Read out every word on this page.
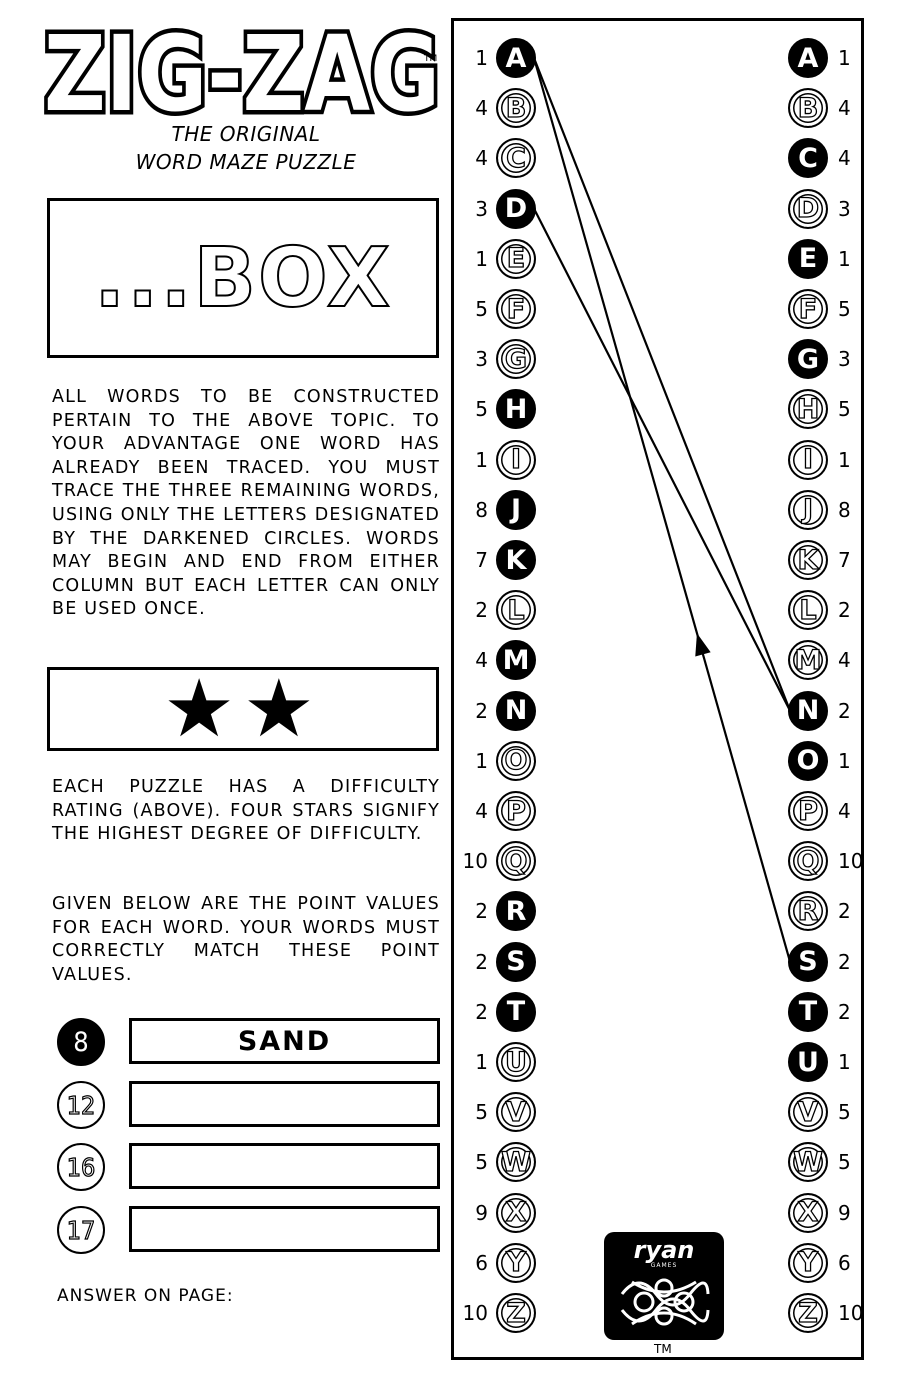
ZIG-ZAG
TM
THE ORIGINAL
WORD MAZE PUZZLE
...BOX
ALL WORDS TO BE CONSTRUCTED PERTAIN TO THE ABOVE TOPIC. TO YOUR ADVANTAGE ONE WORD HAS ALREADY BEEN TRACED. YOU MUST TRACE THE THREE REMAINING WORDS, USING ONLY THE LETTERS DESIGNATED BY THE DARKENED CIRCLES. WORDS MAY BEGIN AND END FROM EITHER COLUMN BUT EACH LETTER CAN ONLY BE USED ONCE.
★★
EACH PUZZLE HAS A DIFFICULTY RATING (ABOVE). FOUR STARS SIGNIFY THE HIGHEST DEGREE OF DIFFICULTY.
GIVEN BELOW ARE THE POINT VALUES FOR EACH WORD. YOUR WORDS MUST CORRECTLY MATCH THESE POINT VALUES.
8	SAND
12
16
17
ANSWER ON PAGE:
1 A	A 1
4 B	B 4
4 C	C	4
3 D	D 3
1 E	E	1
5 F	F	5
3 G	G 3
5 H	H 5
1 I	I	1
8 J	J	8
7 K	K 7
2 L	L	2
4 M	M 4
2 N	N 2
1 O	O 1
4 P	P	4
10 Q	Q 10
2 R	R 2
2 S	S	2
2 T	T	2
1 U	U 1
5 V	V 5
5 W	W 5
9 X	X 9
6 Y	Y	6
10 Z	Z	10
ryan
GAMES
TM
